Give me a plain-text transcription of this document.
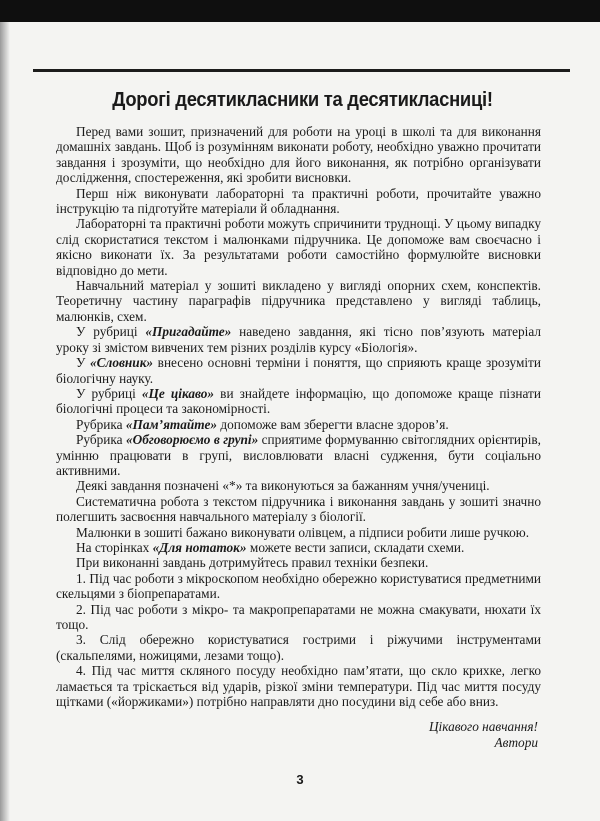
Дорогі десятикласники та десятикласниці!

Перед вами зошит, призначений для роботи на уроці в школі та для виконання домашніх завдань. Щоб із розумінням виконати роботу, необхідно уважно прочитати завдання і зрозуміти, що необхідно для його виконання, як потрібно організувати дослідження, спостереження, які зробити висновки.

Перш ніж виконувати лабораторні та практичні роботи, прочитайте уважно інструкцію та підготуйте матеріали й обладнання.

Лабораторні та практичні роботи можуть спричинити труднощі. У цьому випадку слід скористатися текстом і малюнками підручника. Це допоможе вам своєчасно і якісно виконати їх. За результатами роботи самостійно формулюйте висновки відповідно до мети.

Навчальний матеріал у зошиті викладено у вигляді опорних схем, конспектів. Теоретичну частину параграфів підручника представлено у вигляді таблиць, малюнків, схем.

У рубриці «Пригадайте» наведено завдання, які тісно пов’язують матеріал уроку зі змістом вивчених тем різних розділів курсу «Біологія».

У «Словник» внесено основні терміни і поняття, що сприяють краще зрозуміти біологічну науку.

У рубриці «Це цікаво» ви знайдете інформацію, що допоможе краще пізнати біологічні процеси та закономірності.

Рубрика «Пам’ятайте» допоможе вам зберегти власне здоров’я.

Рубрика «Обговорюємо в групі» сприятиме формуванню світоглядних орієнтирів, умінню працювати в групі, висловлювати власні судження, бути соціально активними.

Деякі завдання позначені «*» та виконуються за бажанням учня/учениці.

Систематична робота з текстом підручника і виконання завдань у зошиті значно полегшить засвоєння навчального матеріалу з біології.

Малюнки в зошиті бажано виконувати олівцем, а підписи робити лише ручкою.

На сторінках «Для нотаток» можете вести записи, складати схеми.

При виконанні завдань дотримуйтесь правил техніки безпеки.

1. Під час роботи з мікроскопом необхідно обережно користуватися предметними скельцями з біопрепаратами.

2. Під час роботи з мікро- та макропрепаратами не можна смакувати, нюхати їх тощо.

3. Слід обережно користуватися гострими і ріжучими інструментами (скальпелями, ножицями, лезами тощо).

4. Під час миття скляного посуду необхідно пам’ятати, що скло крихке, легко ламається та тріскається від ударів, різкої зміни температури. Під час миття посуду щітками («йоржиками») потрібно направляти дно посудини від себе або вниз.

Цікавого навчання!
Автори
3
